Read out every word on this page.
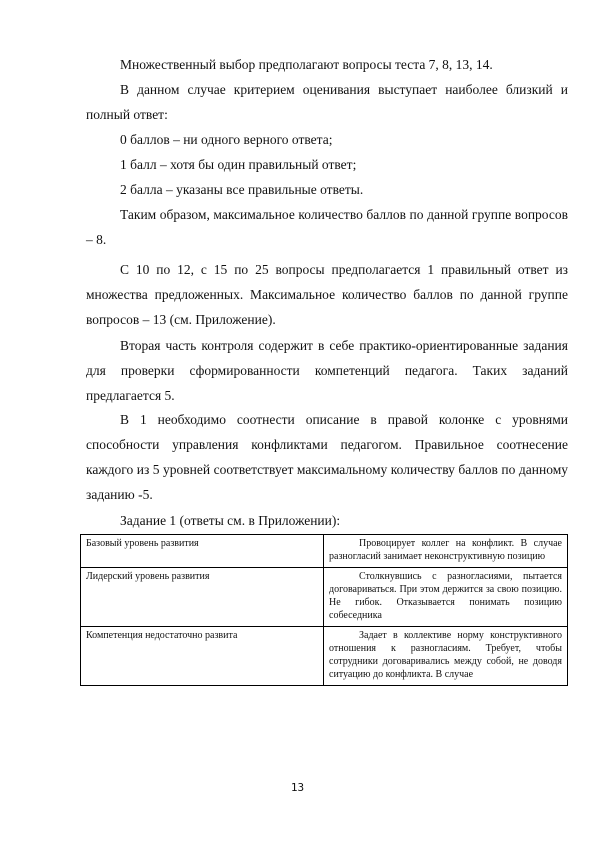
Множественный выбор предполагают вопросы теста 7, 8, 13, 14.

В данном случае критерием оценивания выступает наиболее близкий и полный ответ:

0 баллов – ни одного верного ответа;

1 балл – хотя бы один правильный ответ;

2 балла – указаны все правильные ответы.

Таким образом, максимальное количество баллов по данной группе вопросов – 8.

С 10 по 12, с 15 по 25 вопросы предполагается 1 правильный ответ из множества предложенных. Максимальное количество баллов по данной группе вопросов – 13 (см. Приложение).

Вторая часть контроля содержит в себе практико-ориентированные задания для проверки сформированности компетенций педагога. Таких заданий предлагается 5.

В 1 необходимо соотнести описание в правой колонке с уровнями способности управления конфликтами педагогом. Правильное соотнесение каждого из 5 уровней соответствует максимальному количеству баллов по данному заданию -5.

Задание 1 (ответы см. в Приложении):

Базовый уровень развития	Провоцирует коллег на конфликт. В случае разногласий занимает неконструктивную позицию
Лидерский уровень развития	Столкнувшись с разногласиями, пытается договариваться. При этом держится за свою позицию. Не гибок. Отказывается понимать позицию собеседника
Компетенция недостаточно развита	Задает в коллективе норму конструктивного отношения к разногласиям. Требует, чтобы сотрудники договаривались между собой, не доводя ситуацию до конфликта. В случае
13
